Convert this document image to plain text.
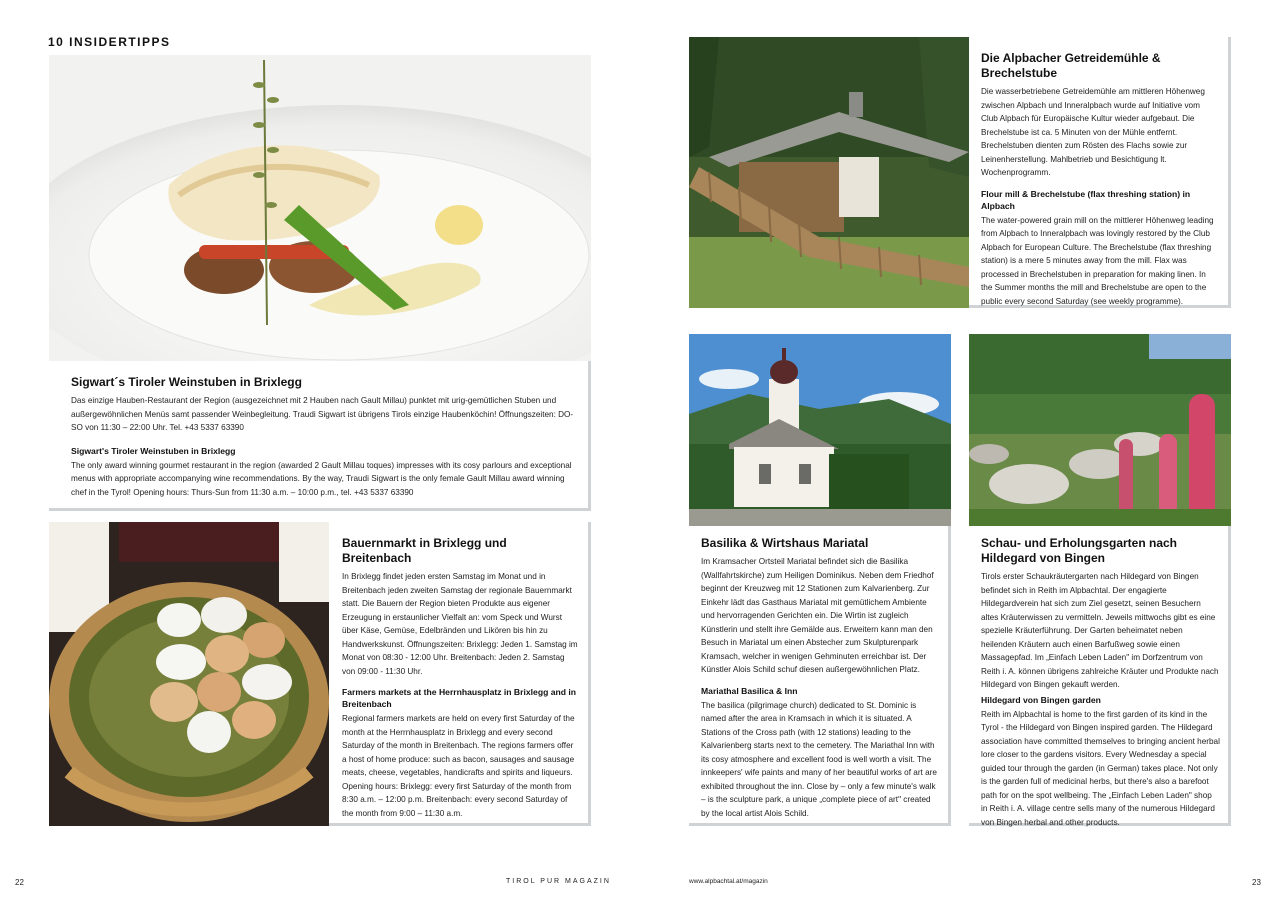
10 INSIDERTIPPS
Sigwart´s Tiroler Weinstuben in Brixlegg

Das einzige Hauben-Restaurant der Region (ausgezeichnet mit 2 Hauben nach Gault Millau) punktet mit urig-gemütlichen Stuben und außergewöhnlichen Menüs samt passender Weinbegleitung. Traudi Sigwart ist übrigens Tirols einzige Haubenköchin! Öffnungszeiten: DO-SO von 11:30 – 22:00 Uhr. Tel. +43 5337 63390

Sigwart's Tiroler Weinstuben in Brixlegg

The only award winning gourmet restaurant in the region (awarded 2 Gault Millau toques) impresses with its cosy parlours and exceptional menus with appropriate accompanying wine recommendations. By the way, Traudi Sigwart is the only female Gault Millau award winning chef in the Tyrol! Opening hours: Thurs-Sun from 11:30 a.m. – 10:00 p.m., tel. +43 5337 63390

Bauernmarkt in Brixlegg und Breitenbach

In Brixlegg findet jeden ersten Samstag im Monat und in Breitenbach jeden zweiten Samstag der regionale Bauernmarkt statt. Die Bauern der Region bieten Produkte aus eigener Erzeugung in erstaunlicher Vielfalt an: vom Speck und Wurst über Käse, Gemüse, Edelbränden und Likören bis hin zu Handwerkskunst. Öffnungszeiten: Brixlegg: Jeden 1. Samstag im Monat von 08:30 - 12:00 Uhr. Breitenbach: Jeden 2. Samstag von 09:00 - 11:30 Uhr.

Farmers markets at the Herrnhausplatz in Brixlegg and in Breitenbach

Regional farmers markets are held on every first Saturday of the month at the Herrnhausplatz in Brixlegg and every second Saturday of the month in Breitenbach. The regions farmers offer a host of home produce: such as bacon, sausages and sausage meats, cheese, vegetables, handicrafts and spirits and liqueurs. Opening hours: Brixlegg: every first Saturday of the month from 8:30 a.m. – 12:00 p.m. Breitenbach: every second Saturday of the month from 9:00 – 11:30 a.m.

Die Alpbacher Getreidemühle & Brechelstube

Die wasserbetriebene Getreidemühle am mittleren Höhenweg zwischen Alpbach und Inneralpbach wurde auf Initiative vom Club Alpbach für Europäische Kultur wieder aufgebaut. Die Brechelstube ist ca. 5 Minuten von der Mühle entfernt. Brechelstuben dienten zum Rösten des Flachs sowie zur Leinenherstellung. Mahlbetrieb und Besichtigung lt. Wochenprogramm.

Flour mill & Brechelstube (flax threshing station) in Alpbach

The water-powered grain mill on the mittlerer Höhenweg leading from Alpbach to Inneralpbach was lovingly restored by the Club Alpbach for European Culture. The Brechelstube (flax threshing station) is a mere 5 minutes away from the mill. Flax was processed in Brechelstuben in preparation for making linen. In the Summer months the mill and Brechelstube are open to the public every second Saturday (see weekly programme).

Basilika & Wirtshaus Mariatal

Im Kramsacher Ortsteil Mariatal befindet sich die Basilika (Wallfahrtskirche) zum Heiligen Dominikus. Neben dem Friedhof beginnt der Kreuzweg mit 12 Stationen zum Kalvarienberg. Zur Einkehr lädt das Gasthaus Mariatal mit gemütlichem Ambiente und hervorragenden Gerichten ein. Die Wirtin ist zugleich Künstlerin und stellt ihre Gemälde aus. Erweitern kann man den Besuch in Mariatal um einen Abstecher zum Skulpturenpark Kramsach, welcher in wenigen Gehminuten erreichbar ist. Der Künstler Alois Schild schuf diesen außergewöhnlichen Platz.

Mariathal Basilica & Inn

The basilica (pilgrimage church) dedicated to St. Dominic is named after the area in Kramsach in which it is situated. A Stations of the Cross path (with 12 stations) leading to the Kalvarienberg starts next to the cemetery. The Mariathal Inn with its cosy atmosphere and excellent food is well worth a visit. The innkeepers' wife paints and many of her beautiful works of art are exhibited throughout the inn. Close by – only a few minute's walk – is the sculpture park, a unique „complete piece of art" created by the local artist Alois Schild.

Schau- und Erholungsgarten nach Hildegard von Bingen

Tirols erster Schaukräutergarten nach Hildegard von Bingen befindet sich in Reith im Alpbachtal. Der engagierte Hildegardverein hat sich zum Ziel gesetzt, seinen Besuchern altes Kräuterwissen zu vermitteln. Jeweils mittwochs gibt es eine spezielle Kräuterführung. Der Garten beheimatet neben heilenden Kräutern auch einen Barfußweg sowie einen Massagepfad. Im „Einfach Leben Laden" im Dorfzentrum von Reith i. A. können übrigens zahlreiche Kräuter und Produkte nach Hildegard von Bingen gekauft werden.

Hildegard von Bingen garden

Reith im Alpbachtal is home to the first garden of its kind in the Tyrol - the Hildegard von Bingen inspired garden. The Hildegard association have committed themselves to bringing ancient herbal lore closer to the gardens visitors. Every Wednesday a special guided tour through the garden (in German) takes place. Not only is the garden full of medicinal herbs, but there's also a barefoot path for on the spot wellbeing. The „Einfach Leben Laden" shop in Reith i. A. village centre sells many of the numerous Hildegard von Bingen herbal and other products.

22	TIROL PUR MAGAZIN	www.alpbachtal.at/magazin	23
